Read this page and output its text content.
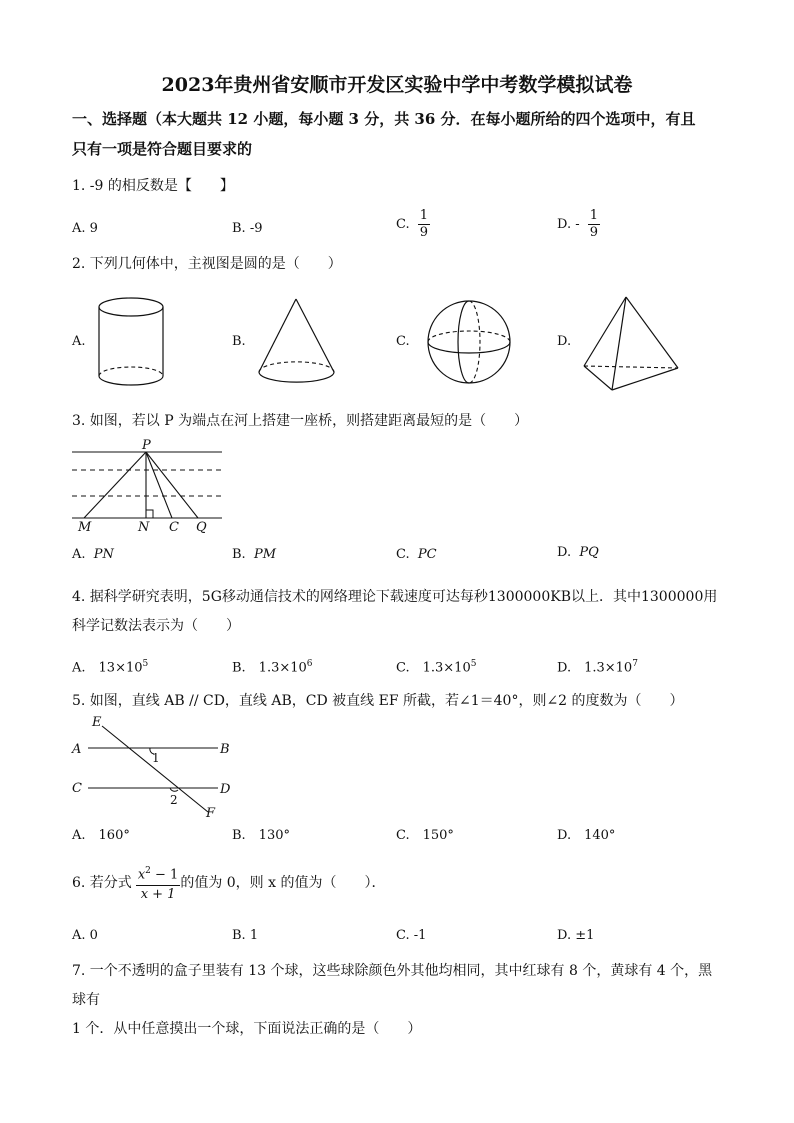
2023年贵州省安顺市开发区实验中学中考数学模拟试卷
一、选择题（本大题共 12 小题，每小题 3 分，共 36 分．在每小题所给的四个选项中，有且
只有一项是符合题目要求的
1. -9 的相反数是【　　】
A. 9	B. -9	C. $\frac{1}{9}$	D. - $\frac{1}{9}$
2. 下列几何体中，主视图是圆的是（　　）
A.	B.	C.	D.
3. 如图，若以 P 为端点在河上搭建一座桥，则搭建距离最短的是（　　）
P
M	N C Q
A. PN	B. PM	C. PC	D. PQ
4. 据科学研究表明，5G移动通信技术的网络理论下载速度可达每秒1300000KB以上．其中1300000用
科学记数法表示为（　　）
A.　$13\times 10^5$	B.　$1.3\times 10^6$	C.　$1.3\times 10^5$	D.　$1.3\times 10^7$
5. 如图，直线 AB // CD，直线 AB，CD 被直线 EF 所截，若∠1＝40°，则∠2 的度数为（　　）
E
A	B
C	D
F
1
2
A.　160°	B.　130°	C.　150°	D.　140°
6. 若分式 $\frac{x^2 - 1}{x + 1}$ 的值为 0，则 x 的值为（　　）．
A. 0	B. 1	C. -1	D. ±1
7. 一个不透明的盒子里装有 13 个球，这些球除颜色外其他均相同，其中红球有 8 个，黄球有 4 个，黑球有
1 个．从中任意摸出一个球，下面说法正确的是（　　）
